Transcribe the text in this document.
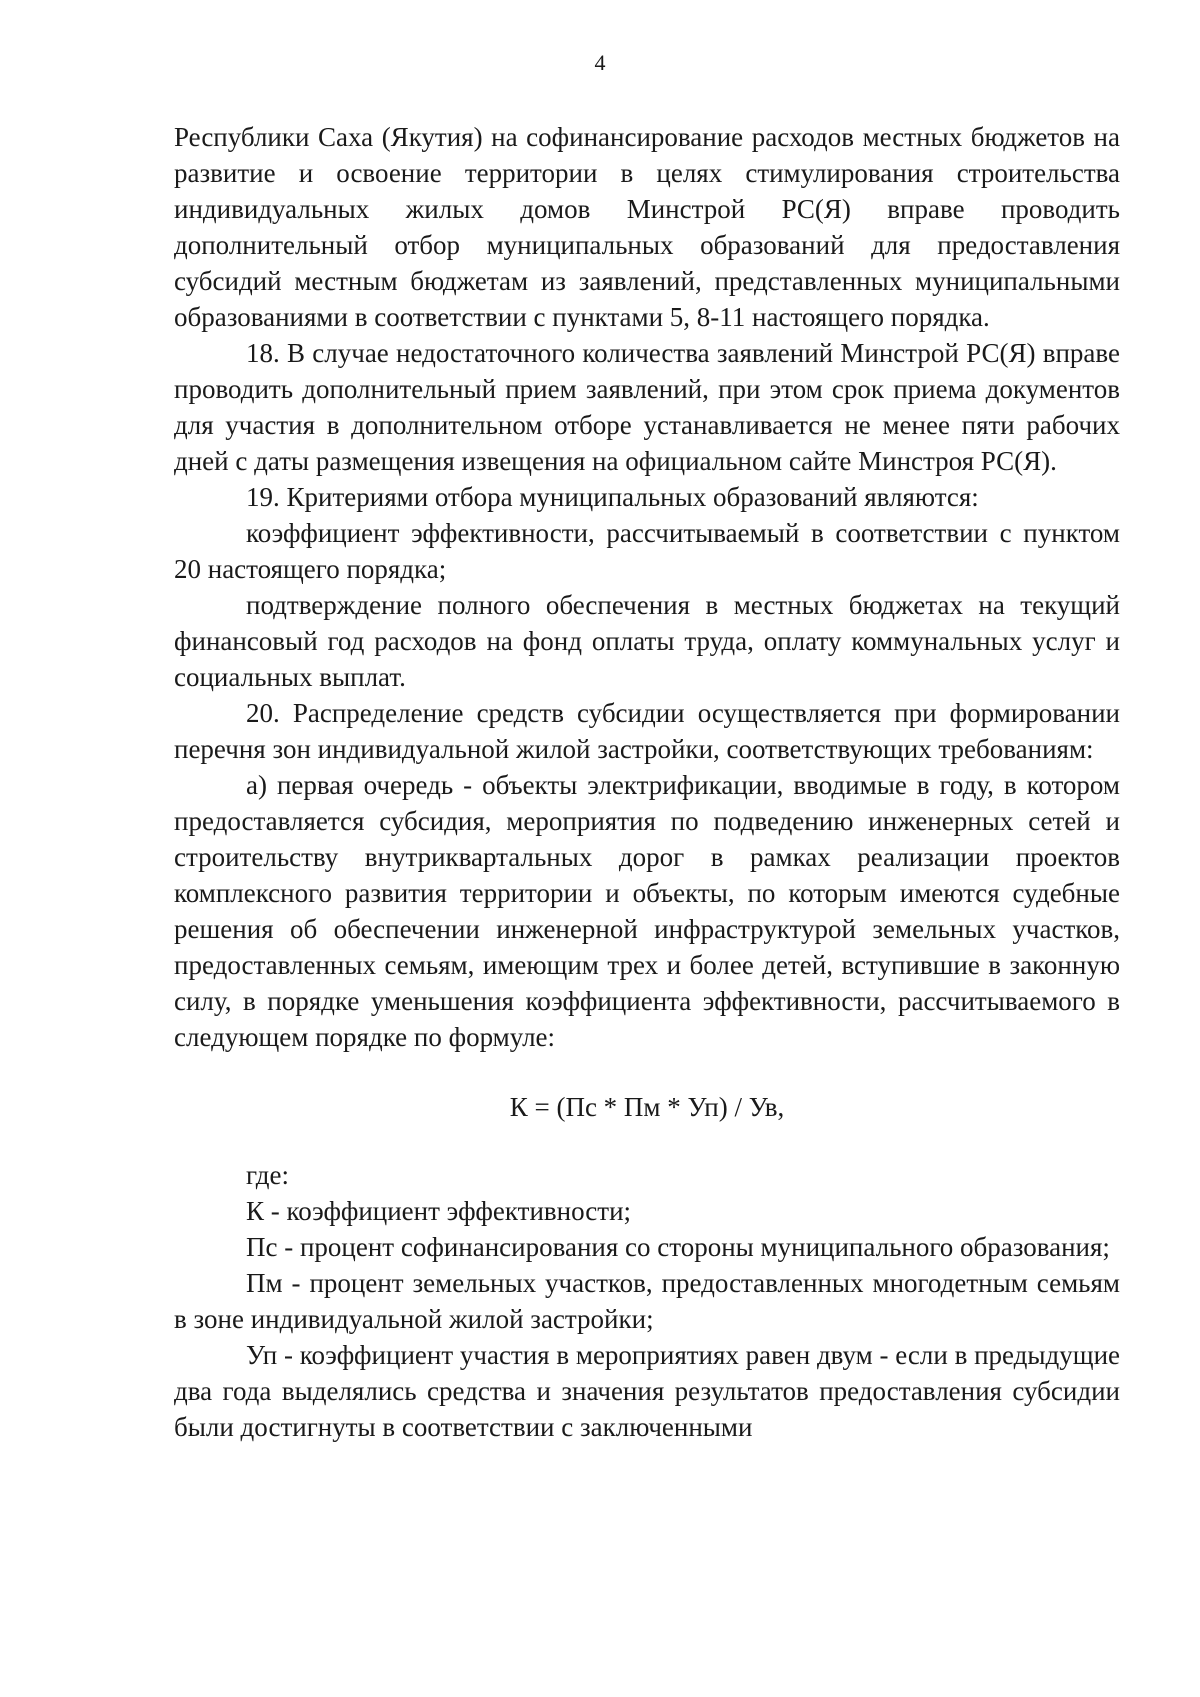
4

Республики Саха (Якутия) на софинансирование расходов местных бюджетов на развитие и освоение территории в целях стимулирования строительства индивидуальных жилых домов Минстрой РС(Я) вправе проводить дополнительный отбор муниципальных образований для предоставления субсидий местным бюджетам из заявлений, представленных муниципальными образованиями в соответствии с пунктами 5, 8-11 настоящего порядка.

18. В случае недостаточного количества заявлений Минстрой РС(Я) вправе проводить дополнительный прием заявлений, при этом срок приема документов для участия в дополнительном отборе устанавливается не менее пяти рабочих дней с даты размещения извещения на официальном сайте Минстроя РС(Я).

19. Критериями отбора муниципальных образований являются:

коэффициент эффективности, рассчитываемый в соответствии с пунктом 20 настоящего порядка;

подтверждение полного обеспечения в местных бюджетах на текущий финансовый год расходов на фонд оплаты труда, оплату коммунальных услуг и социальных выплат.

20. Распределение средств субсидии осуществляется при формировании перечня зон индивидуальной жилой застройки, соответствующих требованиям:

а) первая очередь - объекты электрификации, вводимые в году, в котором предоставляется субсидия, мероприятия по подведению инженерных сетей и строительству внутриквартальных дорог в рамках реализации проектов комплексного развития территории и объекты, по которым имеются судебные решения об обеспечении инженерной инфраструктурой земельных участков, предоставленных семьям, имеющим трех и более детей, вступившие в законную силу, в порядке уменьшения коэффициента эффективности, рассчитываемого в следующем порядке по формуле:

К = (Пс * Пм * Уп) / Ув,

где:

К - коэффициент эффективности;

Пс - процент софинансирования со стороны муниципального образования;

Пм - процент земельных участков, предоставленных многодетным семьям в зоне индивидуальной жилой застройки;

Уп - коэффициент участия в мероприятиях равен двум - если в предыдущие два года выделялись средства и значения результатов предоставления субсидии были достигнуты в соответствии с заключенными
